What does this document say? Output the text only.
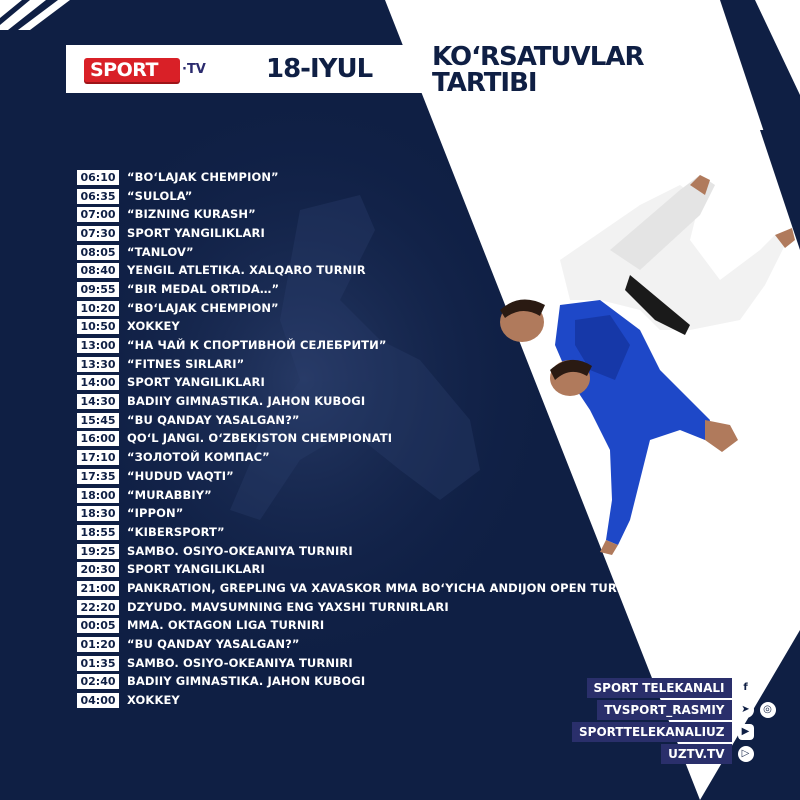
SPORT ·TV 18-IYUL KO‘RSATUVLAR
TARTIBI
06:10	“BO‘LAJAK CHEMPION”
06:35	“SULOLA”
07:00	“BIZNING KURASH”
07:30	SPORT YANGILIKLARI
08:05	“TANLOV”
08:40	YENGIL ATLETIKA. XALQARO TURNIR
09:55	“BIR MEDAL ORTIDA…”
10:20	“BO‘LAJAK CHEMPION”
10:50	XOKKEY
13:00	“НА ЧАЙ К СПОРТИВНОЙ СЕЛЕБРИТИ”
13:30	“FITNES SIRLARI”
14:00	SPORT YANGILIKLARI
14:30	BADIIY GIMNASTIKA. JAHON KUBOGI
15:45	“BU QANDAY YASALGAN?”
16:00	QO‘L JANGI. O‘ZBEKISTON CHEMPIONATI
17:10	“ЗОЛОТОЙ КОМПАС”
17:35	“HUDUD VAQTI”
18:00	“MURABBIY”
18:30	“IPPON”
18:55	“KIBERSPORT”
19:25	SAMBO. OSIYO-OKEANIYA TURNIRI
20:30	SPORT YANGILIKLARI
21:00	PANKRATION, GREPLING VA XAVASKOR MMA BO‘YICHA ANDIJON OPEN TURNIRI
22:20	DZYUDO. MAVSUMNING ENG YAXSHI TURNIRLARI
00:05	MMA. OKTAGON LIGA TURNIRI
01:20	“BU QANDAY YASALGAN?”
01:35	SAMBO. OSIYO-OKEANIYA TURNIRI
02:40	BADIIY GIMNASTIKA. JAHON KUBOGI
04:00	XOKKEY
SPORT TELEKANALI	f
TVSPORT_RASMIY	➤	◎
SPORTTELEKANALIUZ	▶
UZTV.TV	▷
